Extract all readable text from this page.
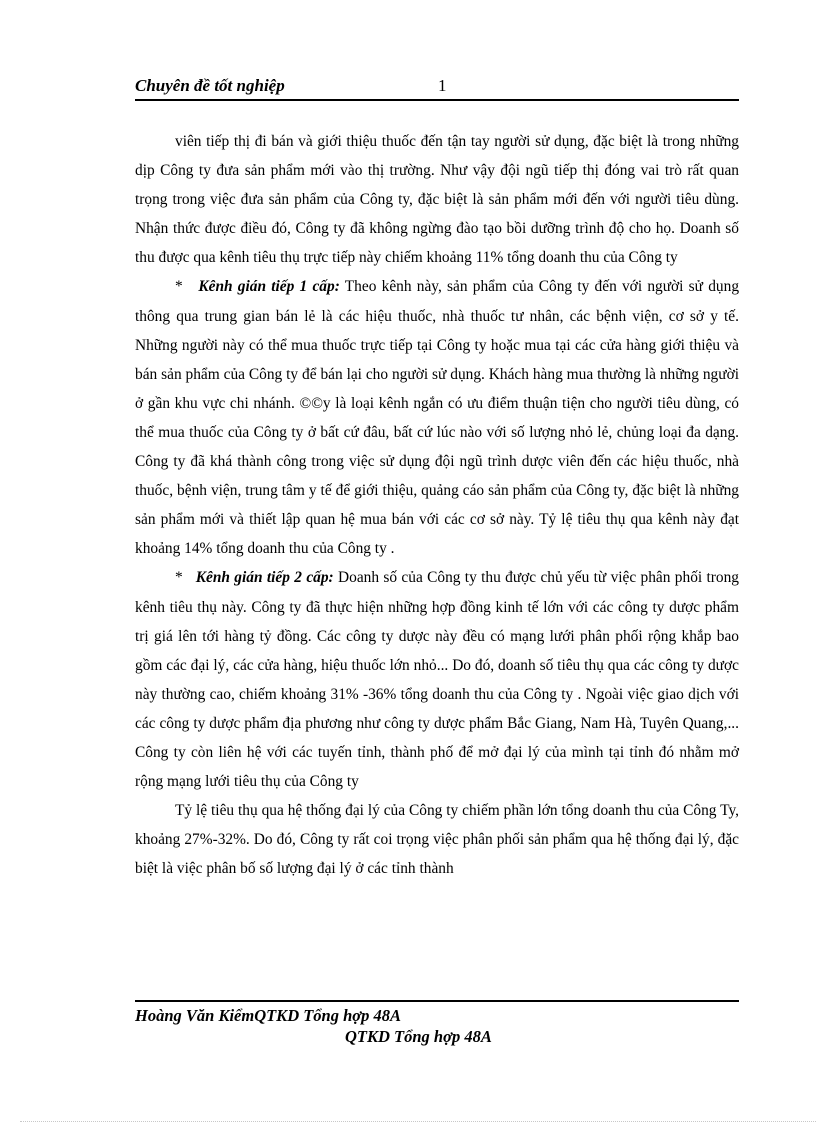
Chuyên đề tốt nghiệp	1

viên tiếp thị đi bán và giới thiệu thuốc đến tận tay người sử dụng, đặc biệt là trong những dịp Công ty đưa sản phẩm mới vào thị trường. Như vậy đội ngũ tiếp thị đóng vai trò rất quan trọng trong việc đưa sản phẩm của Công ty, đặc biệt là sản phẩm mới đến với người tiêu dùng. Nhận thức được điều đó, Công ty đã không ngừng đào tạo bồi dưỡng trình độ cho họ. Doanh số thu được qua kênh tiêu thụ trực tiếp này chiếm khoảng 11% tổng doanh thu của Công ty

* Kênh gián tiếp 1 cấp: Theo kênh này, sản phẩm của Công ty đến với người sử dụng thông qua trung gian bán lẻ là các hiệu thuốc, nhà thuốc tư nhân, các bệnh viện, cơ sở y tế. Những người này có thể mua thuốc trực tiếp tại Công ty hoặc mua tại các cửa hàng giới thiệu và bán sản phẩm của Công ty để bán lại cho người sử dụng. Khách hàng mua thường là những người ở gần khu vực chi nhánh. ©©y là loại kênh ngắn có ưu điểm thuận tiện cho người tiêu dùng, có thể mua thuốc của Công ty ở bất cứ đâu, bất cứ lúc nào với số lượng nhỏ lẻ, chủng loại đa dạng. Công ty đã khá thành công trong việc sử dụng đội ngũ trình dược viên đến các hiệu thuốc, nhà thuốc, bệnh viện, trung tâm y tế để giới thiệu, quảng cáo sản phẩm của Công ty, đặc biệt là những sản phẩm mới và thiết lập quan hệ mua bán với các cơ sở này. Tỷ lệ tiêu thụ qua kênh này đạt khoảng 14% tổng doanh thu của Công ty .

* Kênh gián tiếp 2 cấp: Doanh số của Công ty thu được chủ yếu từ việc phân phối trong kênh tiêu thụ này. Công ty đã thực hiện những hợp đồng kinh tế lớn với các công ty dược phẩm trị giá lên tới hàng tỷ đồng. Các công ty dược này đều có mạng lưới phân phối rộng khắp bao gồm các đại lý, các cửa hàng, hiệu thuốc lớn nhỏ... Do đó, doanh số tiêu thụ qua các công ty dược này thường cao, chiếm khoảng 31% -36% tổng doanh thu của Công ty . Ngoài việc giao dịch với các công ty dược phẩm địa phương như công ty dược phẩm Bắc Giang, Nam Hà, Tuyên Quang,... Công ty còn liên hệ với các tuyến tỉnh, thành phố để mở đại lý của mình tại tỉnh đó nhằm mở rộng mạng lưới tiêu thụ của Công ty

Tỷ lệ tiêu thụ qua hệ thống đại lý của Công ty chiếm phần lớn tổng doanh thu của Công Ty, khoảng 27%-32%. Do đó, Công ty rất coi trọng việc phân phối sản phẩm qua hệ thống đại lý, đặc biệt là việc phân bố số lượng đại lý ở các tỉnh thành

Hoàng Văn KiểmQTKD Tổng hợp 48A
QTKD Tổng hợp 48A
